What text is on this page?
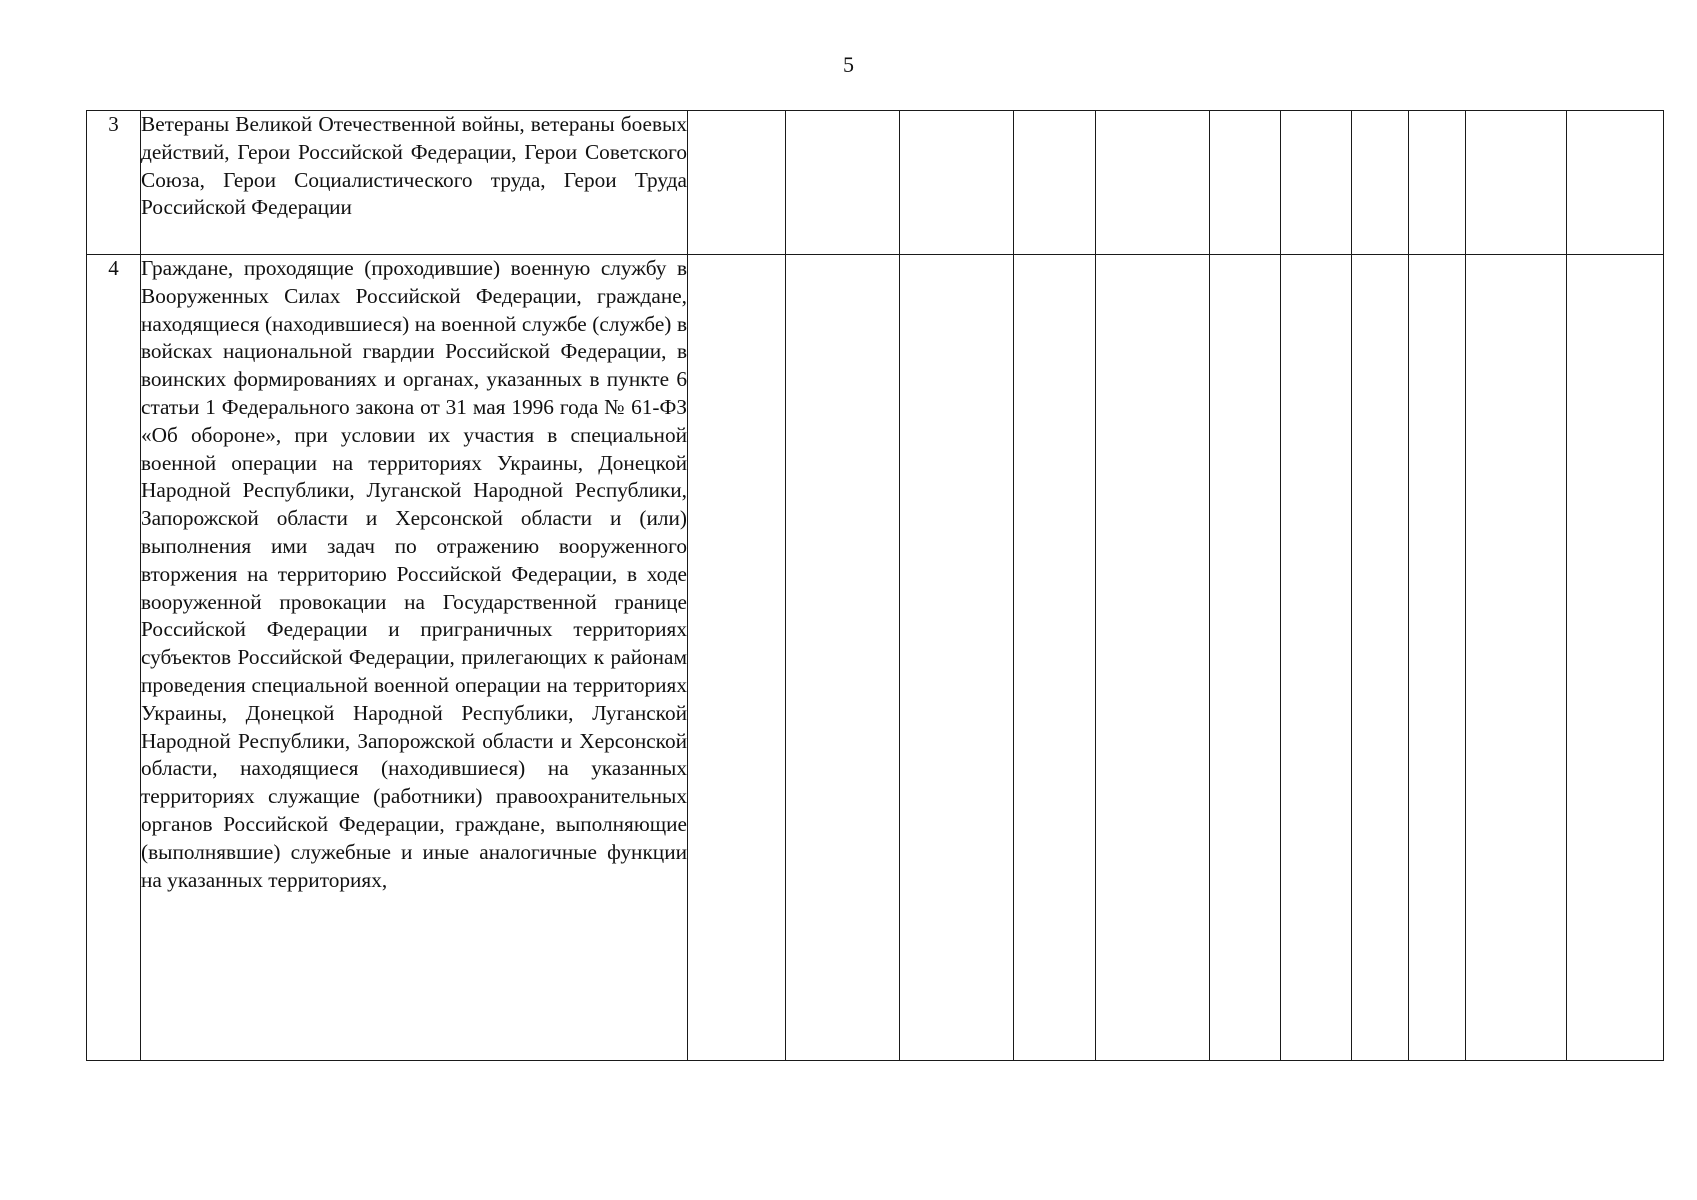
5
3	Ветераны Великой Отечественной войны, ветераны боевых действий, Герои Российской Федерации, Герои Советского Союза, Герои Социалистического труда, Герои Труда Российской Федерации											
4	Граждане, проходящие (проходившие) военную службу в Вооруженных Силах Российской Федерации, граждане, находящиеся (находившиеся) на военной службе (службе) в войсках национальной гвардии Российской Федерации, в воинских формированиях и органах, указанных в пункте 6 статьи 1 Федерального закона от 31 мая 1996 года № 61-ФЗ «Об обороне», при условии их участия в специальной военной операции на территориях Украины, Донецкой Народной Республики, Луганской Народной Республики, Запорожской области и Херсонской области и (или) выполнения ими задач по отражению вооруженного вторжения на территорию Российской Федерации, в ходе вооруженной провокации на Государственной границе Российской Федерации и приграничных территориях субъектов Российской Федерации, прилегающих к районам проведения специальной военной операции на территориях Украины, Донецкой Народной Республики, Луганской Народной Республики, Запорожской области и Херсонской области, находящиеся (находившиеся) на указанных территориях служащие (работники) правоохранительных органов Российской Федерации, граждане, выполняющие (выполнявшие) служебные и иные аналогичные функции на указанных территориях,											
